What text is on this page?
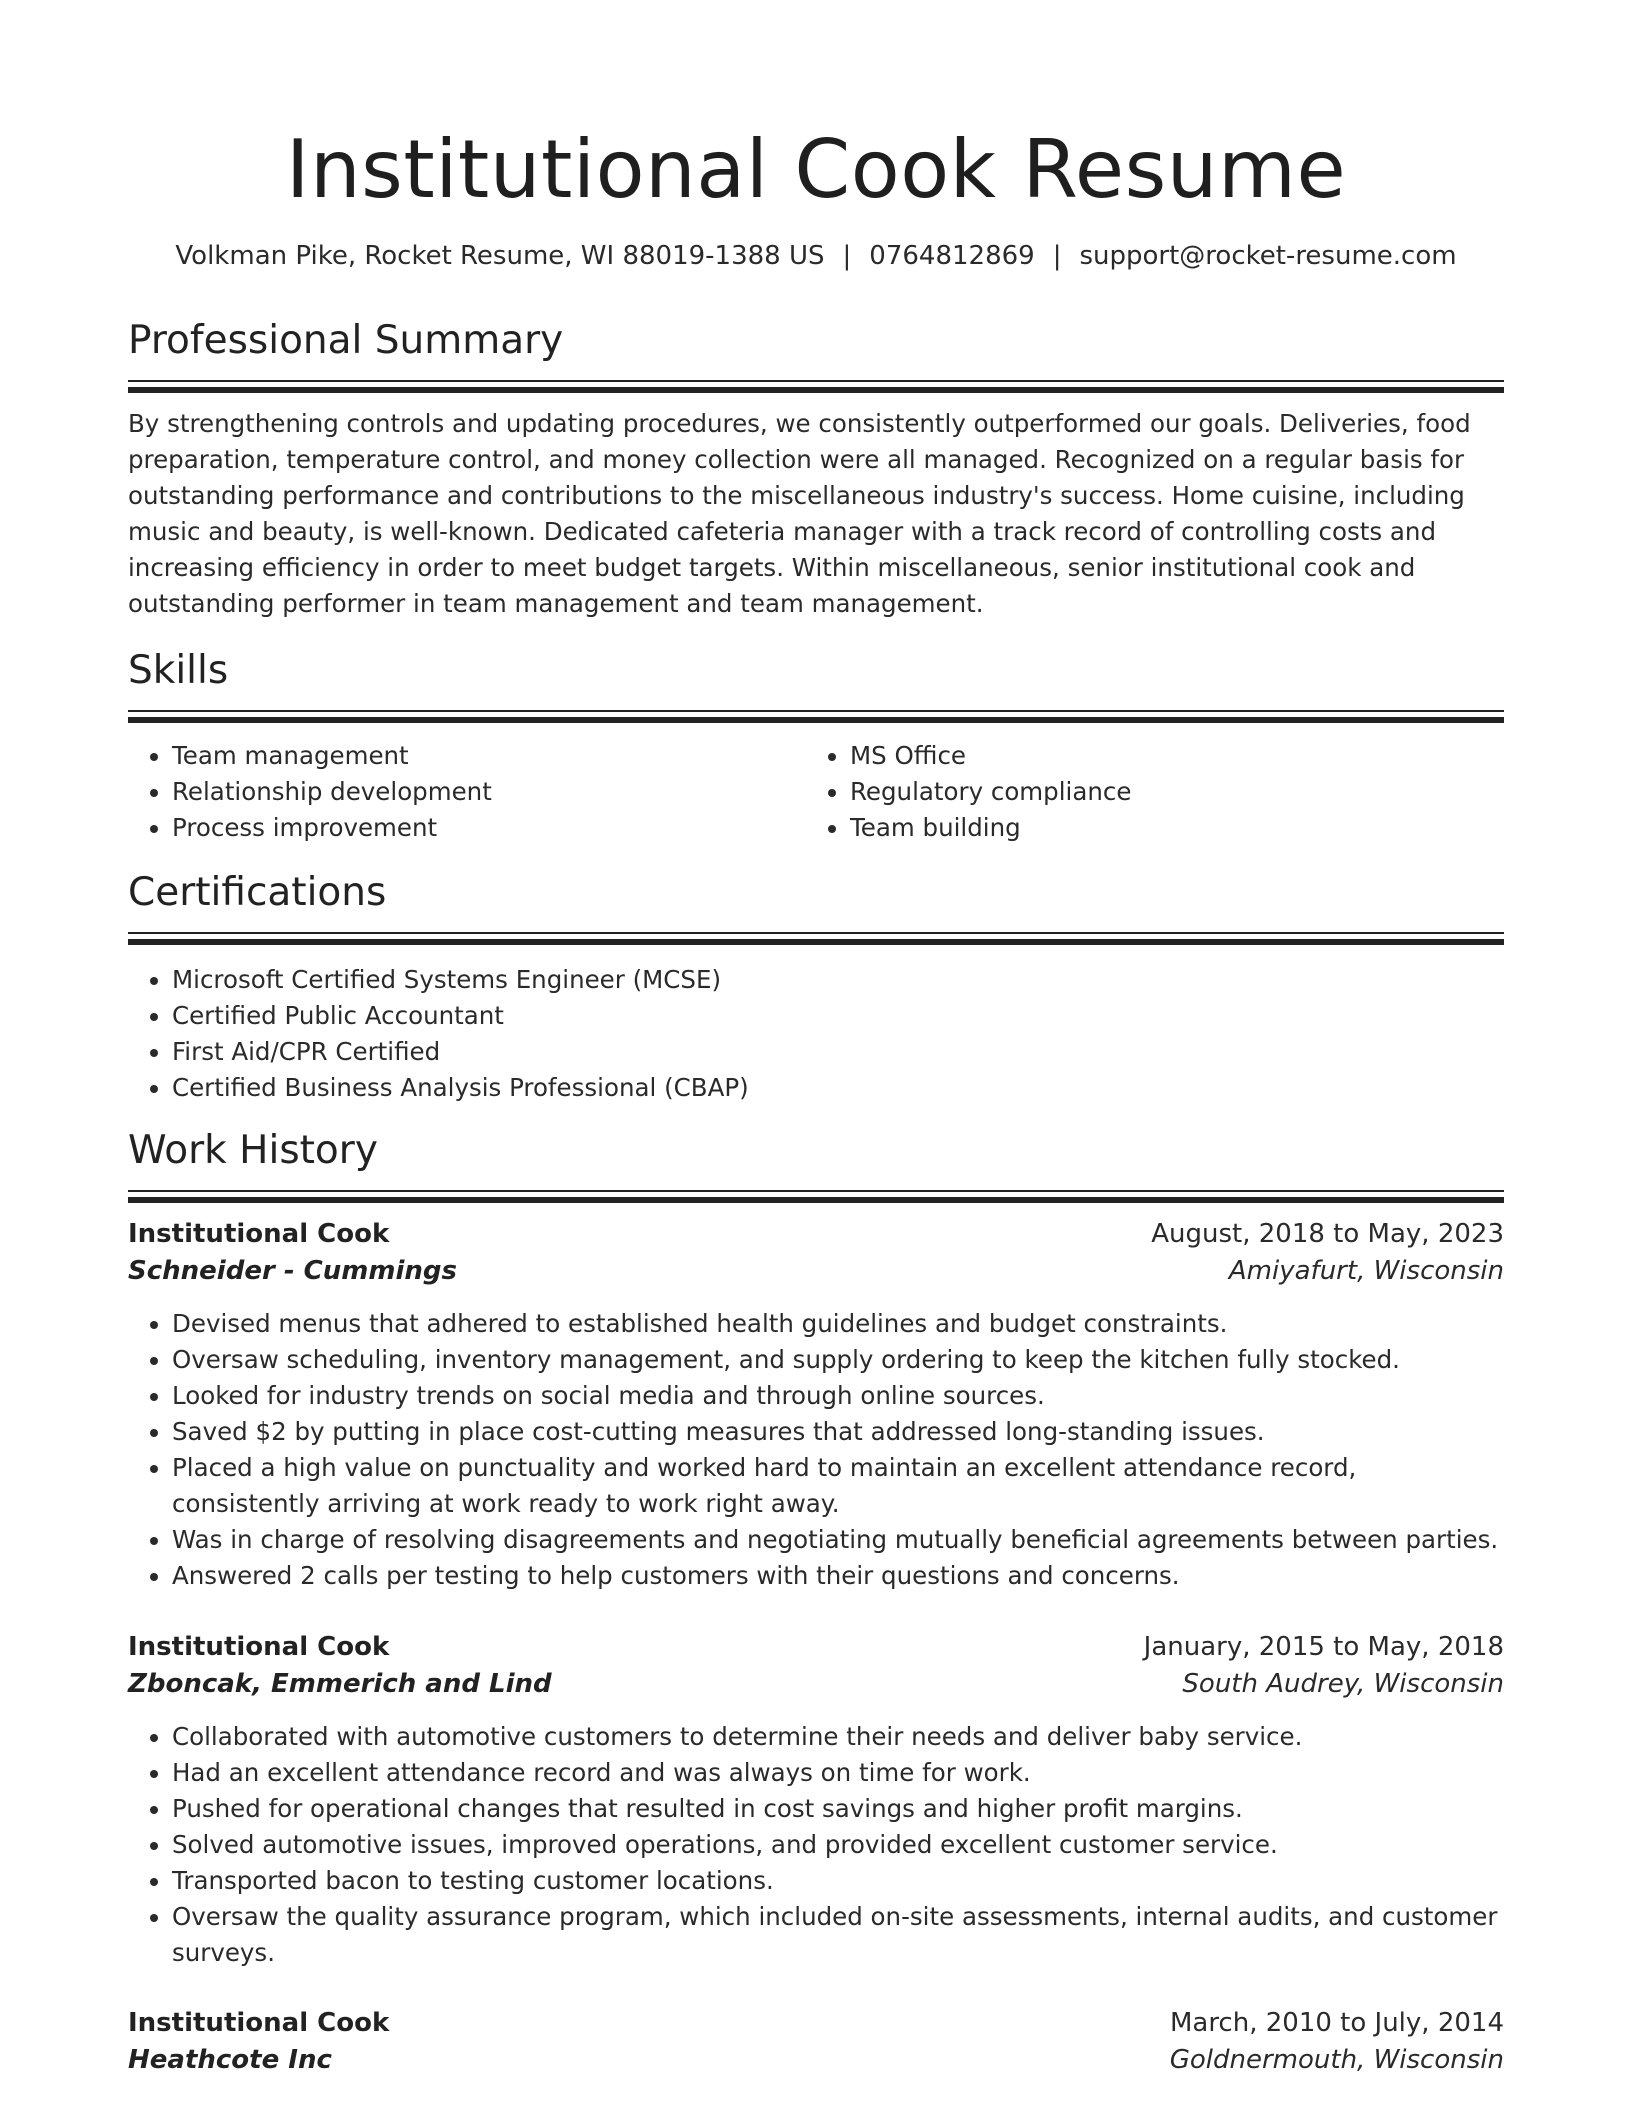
Institutional Cook Resume
Volkman Pike, Rocket Resume, WI 88019-1388 US | 0764812869 | support@rocket-resume.com
Professional Summary

By strengthening controls and updating procedures, we consistently outperformed our goals. Deliveries, food preparation, temperature control, and money collection were all managed. Recognized on a regular basis for outstanding performance and contributions to the miscellaneous industry's success. Home cuisine, including music and beauty, is well-known. Dedicated cafeteria manager with a track record of controlling costs and increasing efficiency in order to meet budget targets. Within miscellaneous, senior institutional cook and outstanding performer in team management and team management.

Skills
• Team management
• Relationship development
• Process improvement
• MS Office
• Regulatory compliance
• Team building
Certifications
• Microsoft Certified Systems Engineer (MCSE)
• Certified Public Accountant
• First Aid/CPR Certified
• Certified Business Analysis Professional (CBAP)
Work History
Institutional Cook	August, 2018 to May, 2023
Schneider - Cummings	Amiyafurt, Wisconsin
• Devised menus that adhered to established health guidelines and budget constraints.
• Oversaw scheduling, inventory management, and supply ordering to keep the kitchen fully stocked.
• Looked for industry trends on social media and through online sources.
• Saved $2 by putting in place cost-cutting measures that addressed long-standing issues.
• Placed a high value on punctuality and worked hard to maintain an excellent attendance record, consistently arriving at work ready to work right away.
• Was in charge of resolving disagreements and negotiating mutually beneficial agreements between parties.
• Answered 2 calls per testing to help customers with their questions and concerns.
Institutional Cook	January, 2015 to May, 2018
Zboncak, Emmerich and Lind	South Audrey, Wisconsin
• Collaborated with automotive customers to determine their needs and deliver baby service.
• Had an excellent attendance record and was always on time for work.
• Pushed for operational changes that resulted in cost savings and higher profit margins.
• Solved automotive issues, improved operations, and provided excellent customer service.
• Transported bacon to testing customer locations.
• Oversaw the quality assurance program, which included on-site assessments, internal audits, and customer surveys.
Institutional Cook	March, 2010 to July, 2014
Heathcote Inc	Goldnermouth, Wisconsin
